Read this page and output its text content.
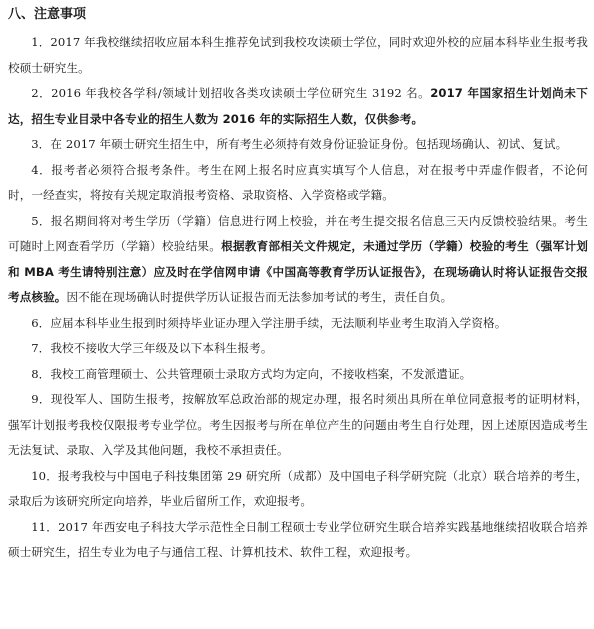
八、注意事项

1．2017 年我校继续招收应届本科生推荐免试到我校攻读硕士学位，同时欢迎外校的应届本科毕业生报考我校硕士研究生。

2．2016 年我校各学科/领域计划招收各类攻读硕士学位研究生 3192 名。2017 年国家招生计划尚未下达，招生专业目录中各专业的招生人数为 2016 年的实际招生人数，仅供参考。

3．在 2017 年硕士研究生招生中，所有考生必须持有效身份证验证身份。包括现场确认、初试、复试。

4．报考者必须符合报考条件。考生在网上报名时应真实填写个人信息，对在报考中弄虚作假者，不论何时，一经查实，将按有关规定取消报考资格、录取资格、入学资格或学籍。

5．报名期间将对考生学历（学籍）信息进行网上校验，并在考生提交报名信息三天内反馈校验结果。考生可随时上网查看学历（学籍）校验结果。根据教育部相关文件规定，未通过学历（学籍）校验的考生（强军计划和 MBA 考生请特别注意）应及时在学信网申请《中国高等教育学历认证报告》，在现场确认时将认证报告交报考点核验。因不能在现场确认时提供学历认证报告而无法参加考试的考生，责任自负。

6．应届本科毕业生报到时须持毕业证办理入学注册手续，无法顺利毕业考生取消入学资格。

7．我校不接收大学三年级及以下本科生报考。

8．我校工商管理硕士、公共管理硕士录取方式均为定向，不接收档案，不发派遣证。

9．现役军人、国防生报考，按解放军总政治部的规定办理，报名时须出具所在单位同意报考的证明材料，强军计划报考我校仅限报考专业学位。考生因报考与所在单位产生的问题由考生自行处理，因上述原因造成考生无法复试、录取、入学及其他问题，我校不承担责任。

10．报考我校与中国电子科技集团第 29 研究所（成都）及中国电子科学研究院（北京）联合培养的考生，录取后为该研究所定向培养，毕业后留所工作，欢迎报考。

11．2017 年西安电子科技大学示范性全日制工程硕士专业学位研究生联合培养实践基地继续招收联合培养硕士研究生，招生专业为电子与通信工程、计算机技术、软件工程，欢迎报考。
